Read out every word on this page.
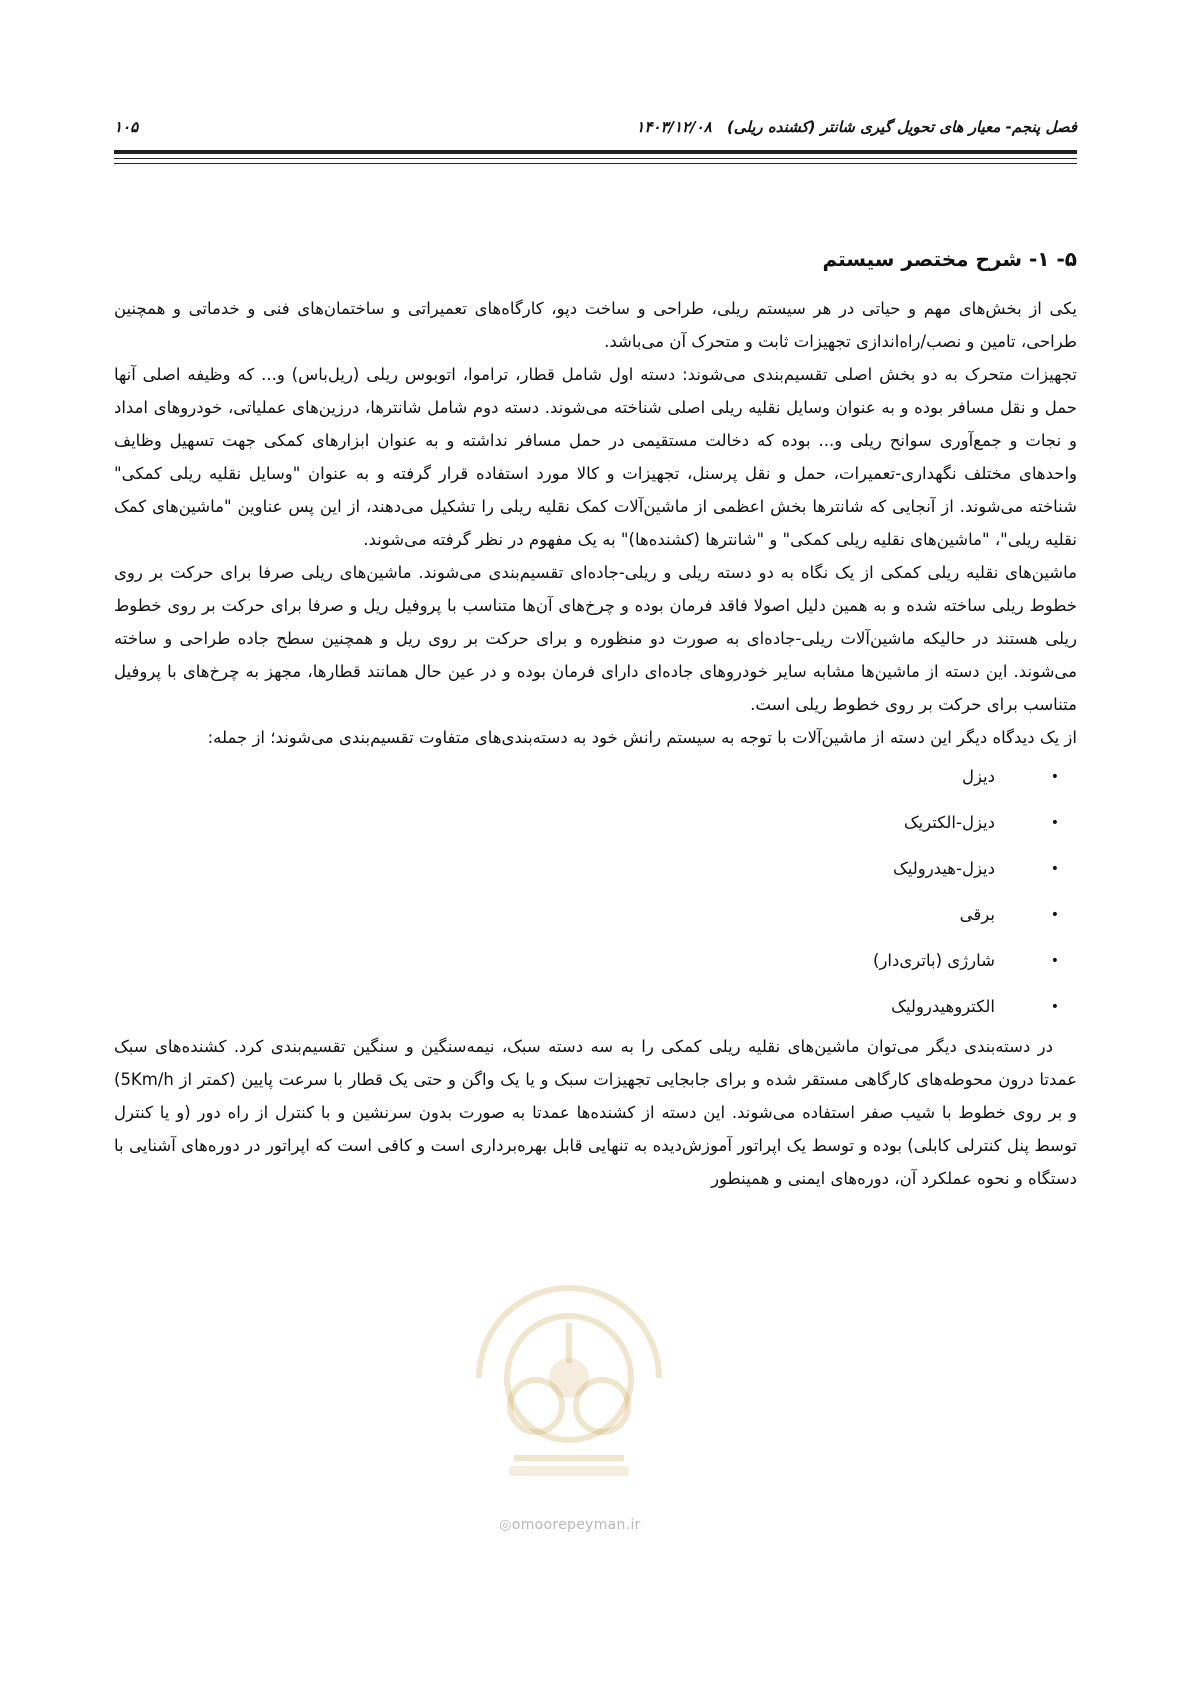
فصل پنجم- معیار های تحویل گیری شانتر (کشنده ریلی) ۱۴۰۳/۱۲/۰۸
۱۰۵
۵- ۱- شرح مختصر سیستم

یکی از بخش‌های مهم و حیاتی در هر سیستم ریلی، طراحی و ساخت دپو، کارگاه‌های تعمیراتی و ساختمان‌های فنی و خدماتی و همچنین طراحی، تامین و نصب/راه‌اندازی تجهیزات ثابت و متحرک آن می‌باشد.

تجهیزات متحرک به دو بخش اصلی تقسیم‌بندی می‌شوند: دسته اول شامل قطار، تراموا، اتوبوس ریلی (ریل‌باس) و... که وظیفه اصلی آنها حمل و نقل مسافر بوده و به عنوان وسایل نقلیه ریلی اصلی شناخته می‌شوند. دسته دوم شامل شانترها، درزین‌های عملیاتی، خودروهای امداد و نجات و جمع‌آوری سوانح ریلی و... بوده که دخالت مستقیمی در حمل مسافر نداشته و به عنوان ابزارهای کمکی جهت تسهیل وظایف واحدهای مختلف نگهداری-تعمیرات، حمل و نقل پرسنل، تجهیزات و کالا مورد استفاده قرار گرفته و به عنوان "وسایل نقلیه ریلی کمکی" شناخته می‌شوند. از آنجایی که شانترها بخش اعظمی از ماشین‌آلات کمک نقلیه ریلی را تشکیل می‌دهند، از این پس عناوین "ماشین‌های کمک نقلیه ریلی"، "ماشین‌های نقلیه ریلی کمکی" و "شانترها (کشنده‌ها)" به یک مفهوم در نظر گرفته می‌شوند.

ماشین‌های نقلیه ریلی کمکی از یک نگاه به دو دسته ریلی و ریلی-جاده‌ای تقسیم‌بندی می‌شوند. ماشین‌های ریلی صرفا برای حرکت بر روی خطوط ریلی ساخته شده و به همین دلیل اصولا فاقد فرمان بوده و چرخ‌های آن‌ها متناسب با پروفیل ریل و صرفا برای حرکت بر روی خطوط ریلی هستند در حالیکه ماشین‌آلات ریلی-جاده‌ای به صورت دو منظوره و برای حرکت بر روی ریل و همچنین سطح جاده طراحی و ساخته می‌شوند. این دسته از ماشین‌ها مشابه سایر خودروهای جاده‌ای دارای فرمان بوده و در عین حال همانند قطارها، مجهز به چرخ‌های با پروفیل متناسب برای حرکت بر روی خطوط ریلی است.

از یک دیدگاه دیگر این دسته از ماشین‌آلات با توجه به سیستم رانش خود به دسته‌بندی‌های متفاوت تقسیم‌بندی می‌شوند؛ از جمله:

•
دیزل
•
دیزل-الکتریک
•
دیزل-هیدرولیک
•
برقی
•
شارژی (باتری‌دار)
•
الکتروهیدرولیک

در دسته‌بندی دیگر می‌توان ماشین‌های نقلیه ریلی کمکی را به سه دسته سبک، نیمه‌سنگین و سنگین تقسیم‌بندی کرد. کشنده‌های سبک عمدتا درون محوطه‌های کارگاهی مستقر شده و برای جابجایی تجهیزات سبک و یا یک واگن و حتی یک قطار با سرعت پایین (کمتر از 5Km/h) و بر روی خطوط با شیب صفر استفاده می‌شوند. این دسته از کشنده‌ها عمدتا به صورت بدون سرنشین و با کنترل از راه دور (و یا کنترل توسط پنل کنترلی کابلی) بوده و توسط یک اپراتور آموزش‌دیده به تنهایی قابل بهره‌برداری است و کافی است که اپراتور در دوره‌های آشنایی با دستگاه و نحوه عملکرد آن، دوره‌های ایمنی و همینطور

◎omoorepeyman.ir
